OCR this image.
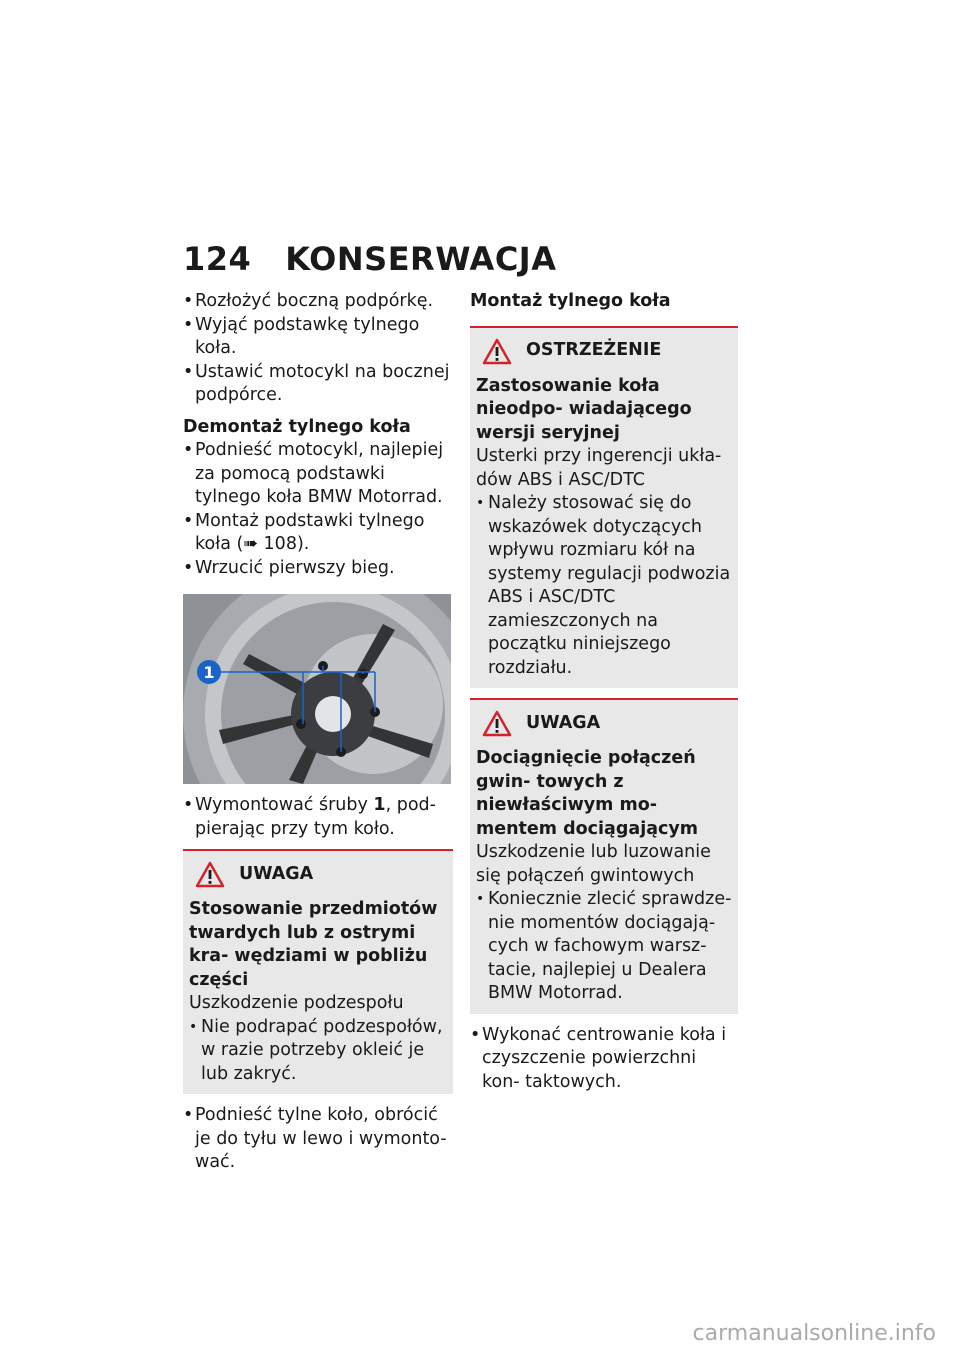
124 KONSERWACJA
• Rozłożyć boczną podpórkę.
• Wyjąć podstawkę tylnego koła.
• Ustawić motocykl na bocznej podpórce.
Demontaż tylnego koła
• Podnieść motocykl, najlepiej za pomocą podstawki tylnego koła BMW Motorrad.
• Montaż podstawki tylnego koła (➠ 108).
• Wrzucić pierwszy bieg.
1
• Wymontować śruby 1, pod- pierając przy tym koło.
UWAGA
Stosowanie przedmiotów twardych lub z ostrymi kra- wędziami w pobliżu części
Uszkodzenie podzespołu
• Nie podrapać podzespołów, w razie potrzeby okleić je lub zakryć.
• Podnieść tylne koło, obrócić je do tyłu w lewo i wymonto- wać.
Montaż tylnego koła
OSTRZEŻENIE
Zastosowanie koła nieodpo- wiadającego wersji seryjnej
Usterki przy ingerencji ukła- dów ABS i ASC/DTC
• Należy stosować się do wskazówek dotyczących wpływu rozmiaru kół na systemy regulacji podwozia ABS i ASC/DTC zamieszczonych na początku niniejszego rozdziału.
UWAGA
Dociągnięcie połączeń gwin- towych z niewłaściwym mo- mentem dociągającym
Uszkodzenie lub luzowanie się połączeń gwintowych
• Koniecznie zlecić sprawdze- nie momentów dociągają- cych w fachowym warsz- tacie, najlepiej u Dealera BMW Motorrad.
• Wykonać centrowanie koła i czyszczenie powierzchni kon- taktowych.
carmanualsonline.info
